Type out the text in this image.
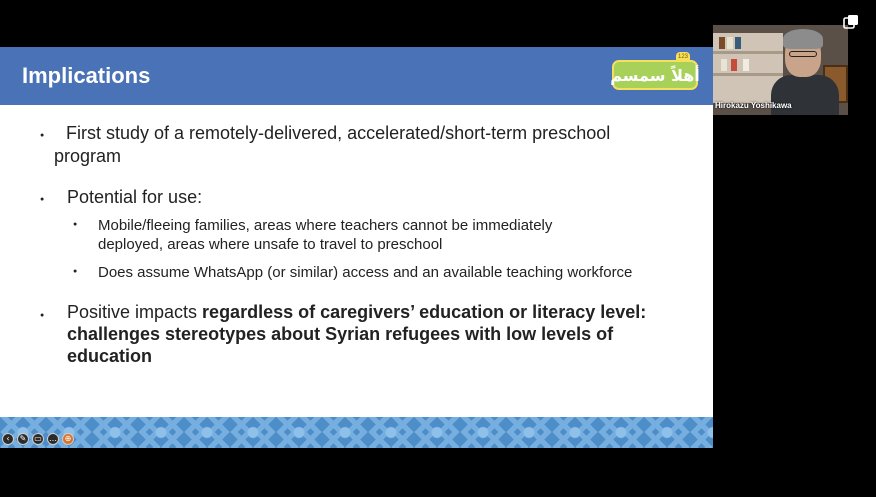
Implications
123
أهلاً سمسم
● First study of a remotely-delivered, accelerated/short-term preschool
program
● Potential for use:
● Mobile/fleeing families, areas where teachers cannot be immediately
deployed, areas where unsafe to travel to preschool
● Does assume WhatsApp (or similar) access and an available teaching workforce
● Positive impacts regardless of caregivers’ education or literacy level:
challenges stereotypes about Syrian refugees with low levels of
education
‹	✎ ▭ … ⊕
Hirokazu Yoshikawa
